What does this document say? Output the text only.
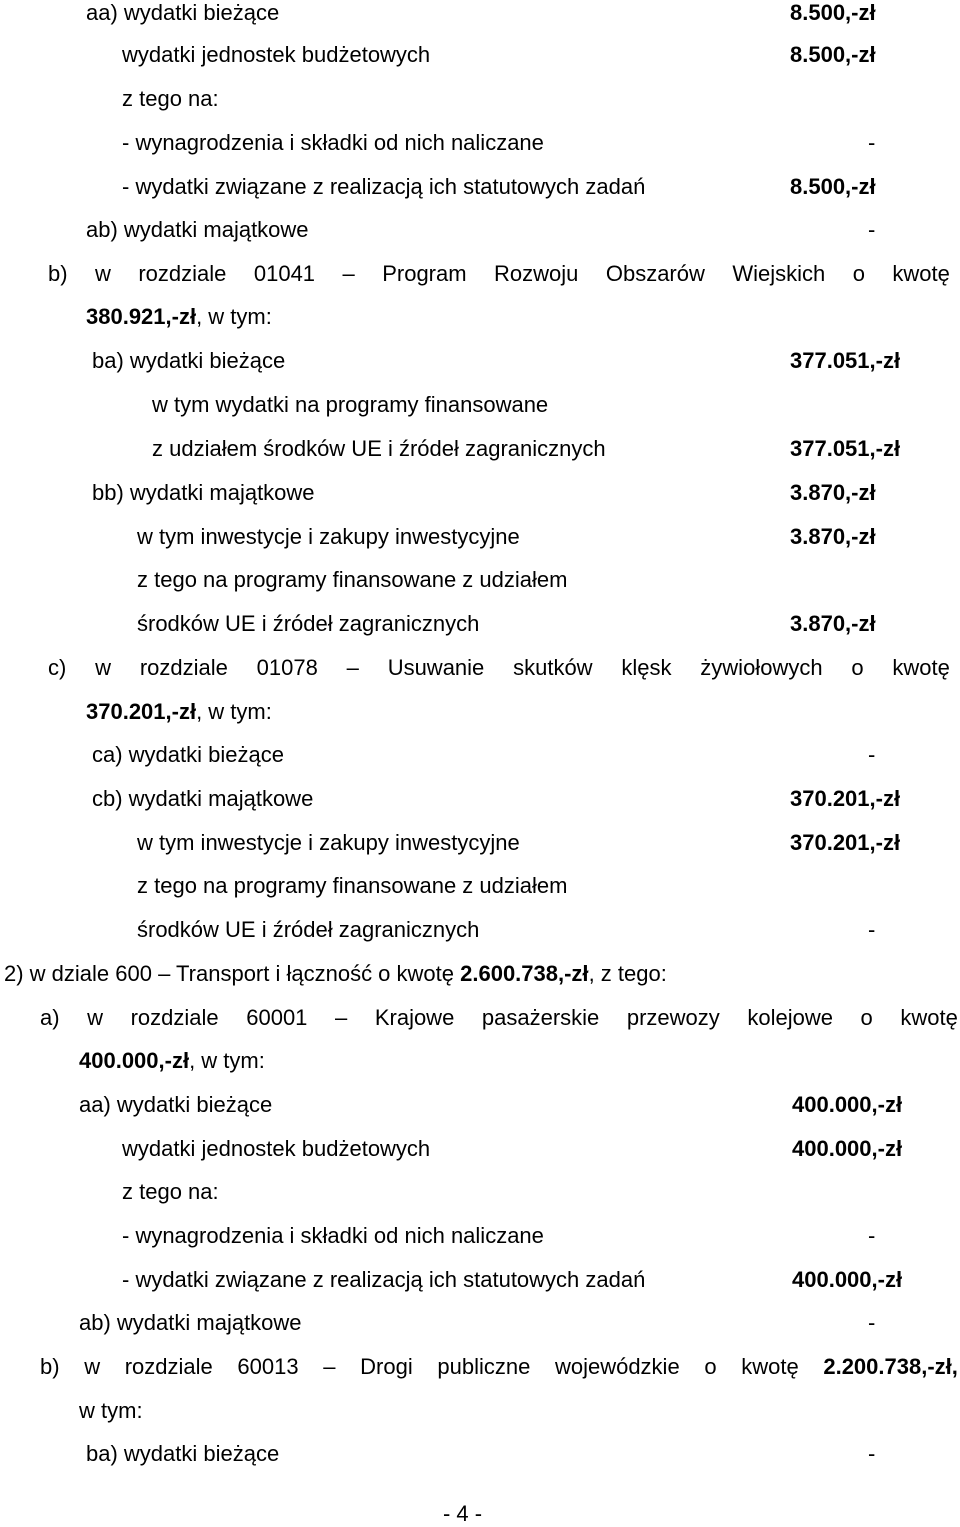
aa) wydatki bieżące	8.500,-zł
wydatki jednostek budżetowych	8.500,-zł
z tego na:
- wynagrodzenia i składki od nich naliczane	-
- wydatki związane z realizacją ich statutowych zadań	8.500,-zł
ab) wydatki majątkowe	-
b) w rozdziale 01041 – Program Rozwoju Obszarów Wiejskich o kwotę
380.921,-zł, w tym:
ba) wydatki bieżące	377.051,-zł
w tym wydatki na programy finansowane
z udziałem środków UE i źródeł zagranicznych	377.051,-zł
bb) wydatki majątkowe	3.870,-zł
w tym inwestycje i zakupy inwestycyjne	3.870,-zł
z tego na programy finansowane z udziałem
środków UE i źródeł zagranicznych	3.870,-zł
c) w rozdziale 01078 – Usuwanie skutków klęsk żywiołowych o kwotę
370.201,-zł, w tym:
ca) wydatki bieżące	-
cb) wydatki majątkowe	370.201,-zł
w tym inwestycje i zakupy inwestycyjne	370.201,-zł
z tego na programy finansowane z udziałem
środków UE i źródeł zagranicznych	-
2) w dziale 600 – Transport i łączność o kwotę 2.600.738,-zł, z tego:
a) w rozdziale 60001 – Krajowe pasażerskie przewozy kolejowe o kwotę
400.000,-zł, w tym:
aa) wydatki bieżące	400.000,-zł
wydatki jednostek budżetowych	400.000,-zł
z tego na:
- wynagrodzenia i składki od nich naliczane	-
- wydatki związane z realizacją ich statutowych zadań	400.000,-zł
ab) wydatki majątkowe	-
b) w rozdziale 60013 – Drogi publiczne wojewódzkie o kwotę 2.200.738,-zł,
w tym:
ba) wydatki bieżące	-
- 4 -
